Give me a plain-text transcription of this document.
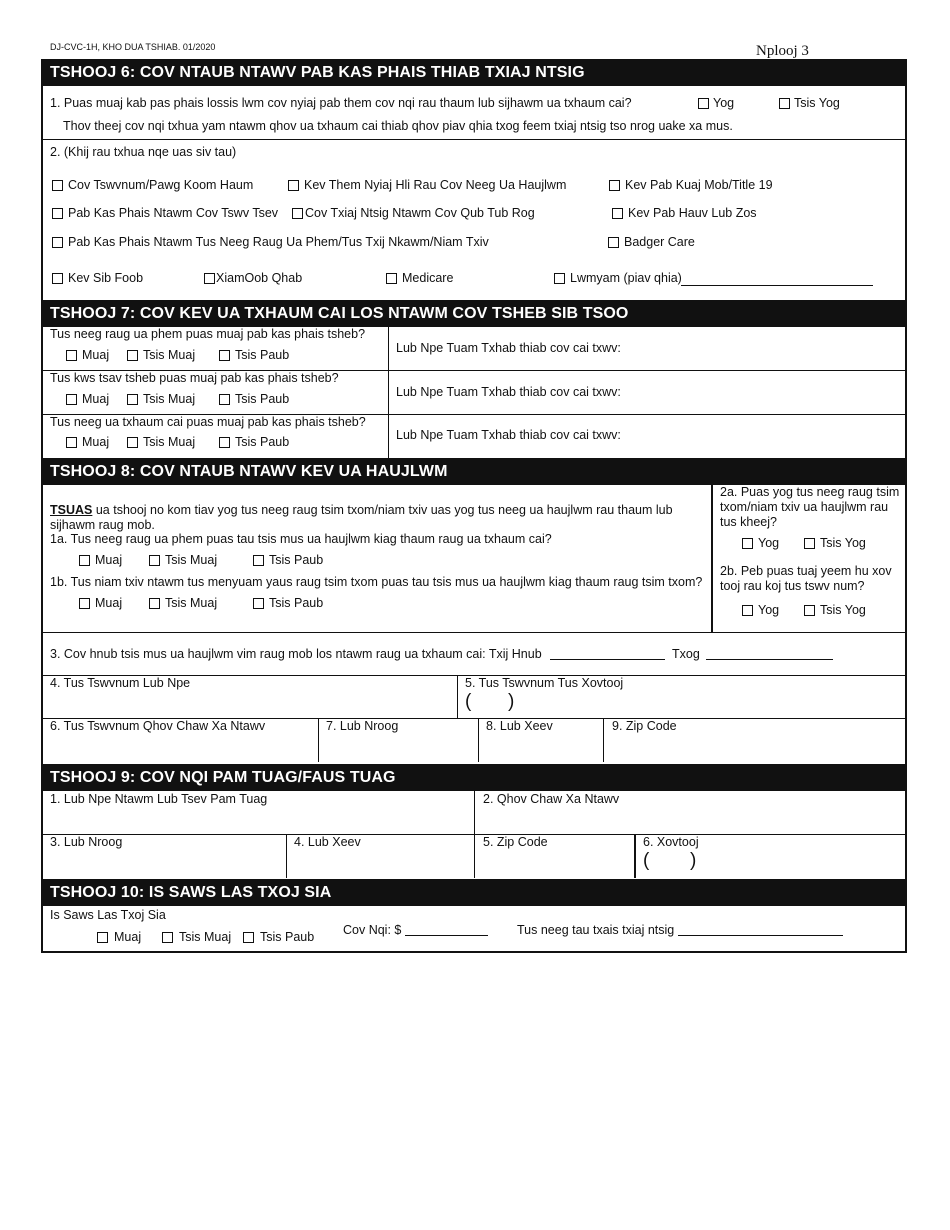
DJ-CVC-1H, KHO DUA TSHIAB. 01/2020	Nplooj 3
TSHOOJ 6: COV NTAUB NTAWV PAB KAS PHAIS THIAB TXIAJ NTSIG
1. Puas muaj kab pas phais lossis lwm cov nyiaj pab them cov nqi rau thaum lub sijhawm ua txhaum cai?	Yog	Tsis Yog
Thov theej cov nqi txhua yam ntawm qhov ua txhaum cai thiab qhov piav qhia txog feem txiaj ntsig tso nrog uake xa mus.
2. (Khij rau txhua nqe uas siv tau)
Cov Tswvnum/Pawg Koom Haum	Kev Them Nyiaj Hli Rau Cov Neeg Ua Haujlwm	Kev Pab Kuaj Mob/Title 19
Pab Kas Phais Ntawm Cov Tswv Tsev Cov Txiaj Ntsig Ntawm Cov Qub Tub Rog	Kev Pab Hauv Lub Zos
Pab Kas Phais Ntawm Tus Neeg Raug Ua Phem/Tus Txij Nkawm/Niam Txiv	Badger Care
Kev Sib Foob	XiamOob Qhab	Medicare	Lwmyam (piav qhia)
TSHOOJ 7: COV KEV UA TXHAUM CAI LOS NTAWM COV TSHEB SIB TSOO
Tus neeg raug ua phem puas muaj pab kas phais tsheb?
Muaj	Tsis Muaj	Tsis Paub	Lub Npe Tuam Txhab thiab cov cai txwv:
Tus kws tsav tsheb puas muaj pab kas phais tsheb?
Muaj	Tsis Muaj	Tsis Paub	Lub Npe Tuam Txhab thiab cov cai txwv:
Tus neeg ua txhaum cai puas muaj pab kas phais tsheb?
Muaj	Tsis Muaj	Tsis Paub	Lub Npe Tuam Txhab thiab cov cai txwv:
TSHOOJ 8: COV NTAUB NTAWV KEV UA HAUJLWM
TSUAS ua tshooj no kom tiav yog tus neeg raug tsim txom/niam txiv uas yog tus neeg ua haujlwm rau thaum lub sijhawm raug mob.
1a. Tus neeg raug ua phem puas tau tsis mus ua haujlwm kiag thaum raug ua txhaum cai?
Muaj	Tsis Muaj	Tsis Paub
1b. Tus niam txiv ntawm tus menyuam yaus raug tsim txom puas tau tsis mus ua haujlwm kiag thaum raug tsim txom?
Muaj	Tsis Muaj	Tsis Paub
2a. Puas yog tus neeg raug tsim txom/niam txiv ua haujlwm rau tus kheej?
Yog	Tsis Yog
2b. Peb puas tuaj yeem hu xov tooj rau koj tus tswv num?
Yog	Tsis Yog
3. Cov hnub tsis mus ua haujlwm vim raug mob los ntawm raug ua txhaum cai: Txij Hnub	Txog
4. Tus Tswvnum Lub Npe	5. Tus Tswvnum Tus Xovtooj
( )
6. Tus Tswvnum Qhov Chaw Xa Ntawv	7. Lub Nroog	8. Lub Xeev	9. Zip Code
TSHOOJ 9: COV NQI PAM TUAG/FAUS TUAG
1. Lub Npe Ntawm Lub Tsev Pam Tuag	2. Qhov Chaw Xa Ntawv
3. Lub Nroog	4. Lub Xeev	5. Zip Code	6. Xovtooj
( )
TSHOOJ 10: IS SAWS LAS TXOJ SIA
Is Saws Las Txoj Sia
Muaj	Tsis Muaj Tsis Paub Cov Nqi: $	Tus neeg tau txais txiaj ntsig
